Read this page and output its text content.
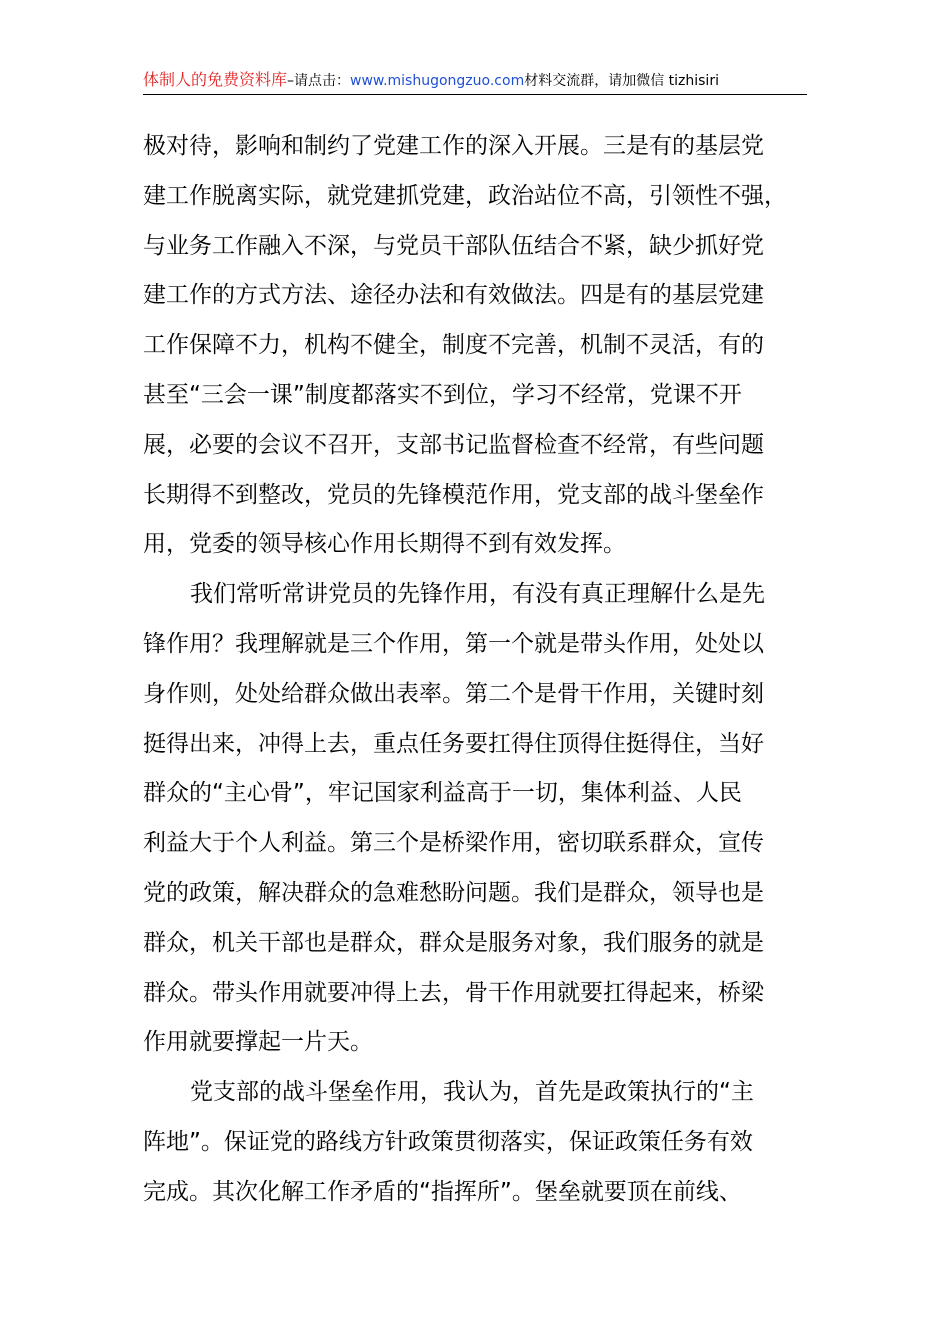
体制人的免费资料库–请点击：www.mishugongzuo.com材料交流群，请加微信 tizhisiri
极对待，影响和制约了党建工作的深入开展。三是有的基层党
建工作脱离实际，就党建抓党建，政治站位不高，引领性不强，
与业务工作融入不深，与党员干部队伍结合不紧，缺少抓好党
建工作的方式方法、途径办法和有效做法。四是有的基层党建
工作保障不力，机构不健全，制度不完善，机制不灵活，有的
甚至“三会一课”制度都落实不到位，学习不经常，党课不开
展，必要的会议不召开，支部书记监督检查不经常，有些问题
长期得不到整改，党员的先锋模范作用，党支部的战斗堡垒作
用，党委的领导核心作用长期得不到有效发挥。
我们常听常讲党员的先锋作用，有没有真正理解什么是先
锋作用？我理解就是三个作用，第一个就是带头作用，处处以
身作则，处处给群众做出表率。第二个是骨干作用，关键时刻
挺得出来，冲得上去，重点任务要扛得住顶得住挺得住，当好
群众的“主心骨”，牢记国家利益高于一切，集体利益、人民
利益大于个人利益。第三个是桥梁作用，密切联系群众，宣传
党的政策，解决群众的急难愁盼问题。我们是群众，领导也是
群众，机关干部也是群众，群众是服务对象，我们服务的就是
群众。带头作用就要冲得上去，骨干作用就要扛得起来，桥梁
作用就要撑起一片天。
党支部的战斗堡垒作用，我认为，首先是政策执行的“主
阵地”。保证党的路线方针政策贯彻落实，保证政策任务有效
完成。其次化解工作矛盾的“指挥所”。堡垒就要顶在前线、
